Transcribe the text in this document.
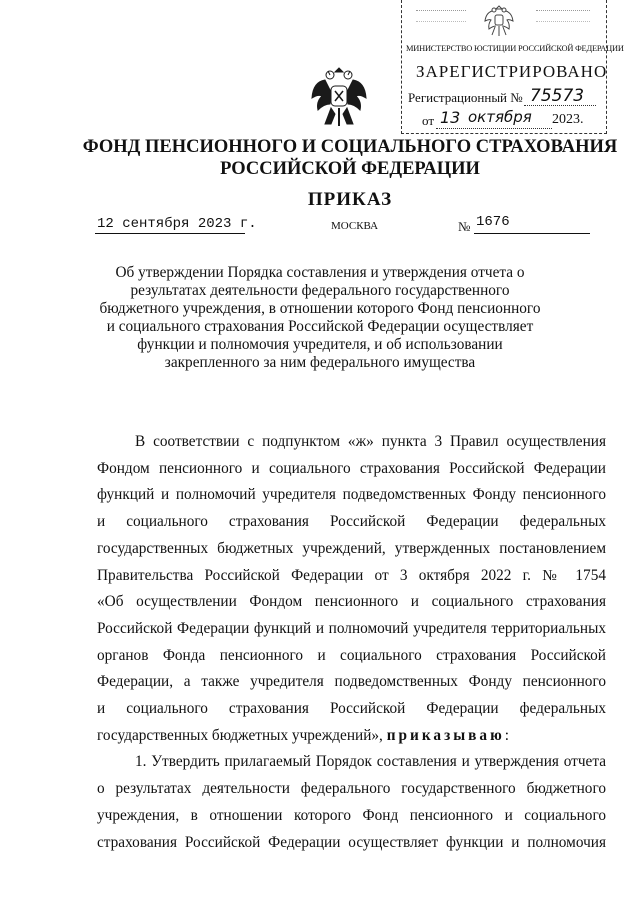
МИНИСТЕРСТВО ЮСТИЦИИ РОССИЙСКОЙ ФЕДЕРАЦИИ
ЗАРЕГИСТРИРОВАНО
Регистрационный № 75573
от 13 октября 2023.
ФОНД ПЕНСИОННОГО И СОЦИАЛЬНОГО СТРАХОВАНИЯ
РОССИЙСКОЙ ФЕДЕРАЦИИ
ПРИКАЗ
12 сентября 2023 г.	МОСКВА	№ 1676
Об утверждении Порядка составления и утверждения отчета о
результатах деятельности федерального государственного
бюджетного учреждения, в отношении которого Фонд пенсионного
и социального страхования Российской Федерации осуществляет
функции и полномочия учредителя, и об использовании
закрепленного за ним федерального имущества
В соответствии с подпунктом «ж» пункта 3 Правил осуществления
Фондом пенсионного и социального страхования Российской Федерации
функций и полномочий учредителя подведомственных Фонду пенсионного
и социального страхования Российской Федерации федеральных
государственных бюджетных учреждений, утвержденных постановлением
Правительства Российской Федерации от 3 октября 2022 г. № 1754
«Об осуществлении Фондом пенсионного и социального страхования
Российской Федерации функций и полномочий учредителя территориальных
органов Фонда пенсионного и социального страхования Российской
Федерации, а также учредителя подведомственных Фонду пенсионного
и социального страхования Российской Федерации федеральных
государственных бюджетных учреждений», приказываю:
1. Утвердить прилагаемый Порядок составления и утверждения отчета
о результатах деятельности федерального государственного бюджетного
учреждения, в отношении которого Фонд пенсионного и социального
страхования Российской Федерации осуществляет функции и полномочия
